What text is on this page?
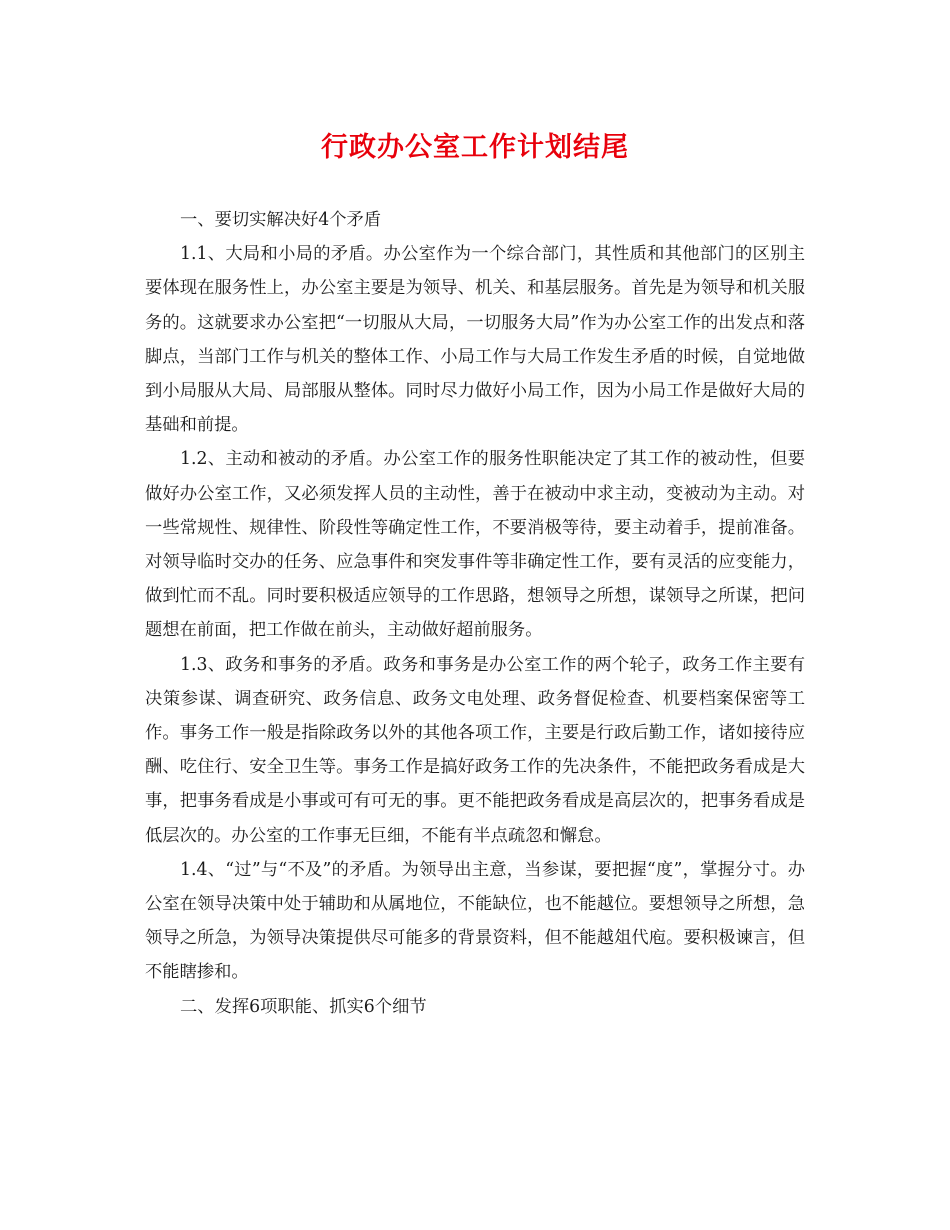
行政办公室工作计划结尾

一、要切实解决好4个矛盾

1.1、大局和小局的矛盾。办公室作为一个综合部门，其性质和其他部门的区别主要体现在服务性上，办公室主要是为领导、机关、和基层服务。首先是为领导和机关服务的。这就要求办公室把“一切服从大局，一切服务大局”作为办公室工作的出发点和落脚点，当部门工作与机关的整体工作、小局工作与大局工作发生矛盾的时候，自觉地做到小局服从大局、局部服从整体。同时尽力做好小局工作，因为小局工作是做好大局的基础和前提。

1.2、主动和被动的矛盾。办公室工作的服务性职能决定了其工作的被动性，但要做好办公室工作，又必须发挥人员的主动性，善于在被动中求主动，变被动为主动。对一些常规性、规律性、阶段性等确定性工作，不要消极等待，要主动着手，提前准备。对领导临时交办的任务、应急事件和突发事件等非确定性工作，要有灵活的应变能力，做到忙而不乱。同时要积极适应领导的工作思路，想领导之所想，谋领导之所谋，把问题想在前面，把工作做在前头，主动做好超前服务。

1.3、政务和事务的矛盾。政务和事务是办公室工作的两个轮子，政务工作主要有决策参谋、调查研究、政务信息、政务文电处理、政务督促检查、机要档案保密等工作。事务工作一般是指除政务以外的其他各项工作，主要是行政后勤工作，诸如接待应酬、吃住行、安全卫生等。事务工作是搞好政务工作的先决条件，不能把政务看成是大事，把事务看成是小事或可有可无的事。更不能把政务看成是高层次的，把事务看成是低层次的。办公室的工作事无巨细，不能有半点疏忽和懈怠。

1.4、“过”与“不及”的矛盾。为领导出主意，当参谋，要把握“度”，掌握分寸。办公室在领导决策中处于辅助和从属地位，不能缺位，也不能越位。要想领导之所想，急领导之所急，为领导决策提供尽可能多的背景资料，但不能越俎代庖。要积极谏言，但不能瞎掺和。

二、发挥6项职能、抓实6个细节
